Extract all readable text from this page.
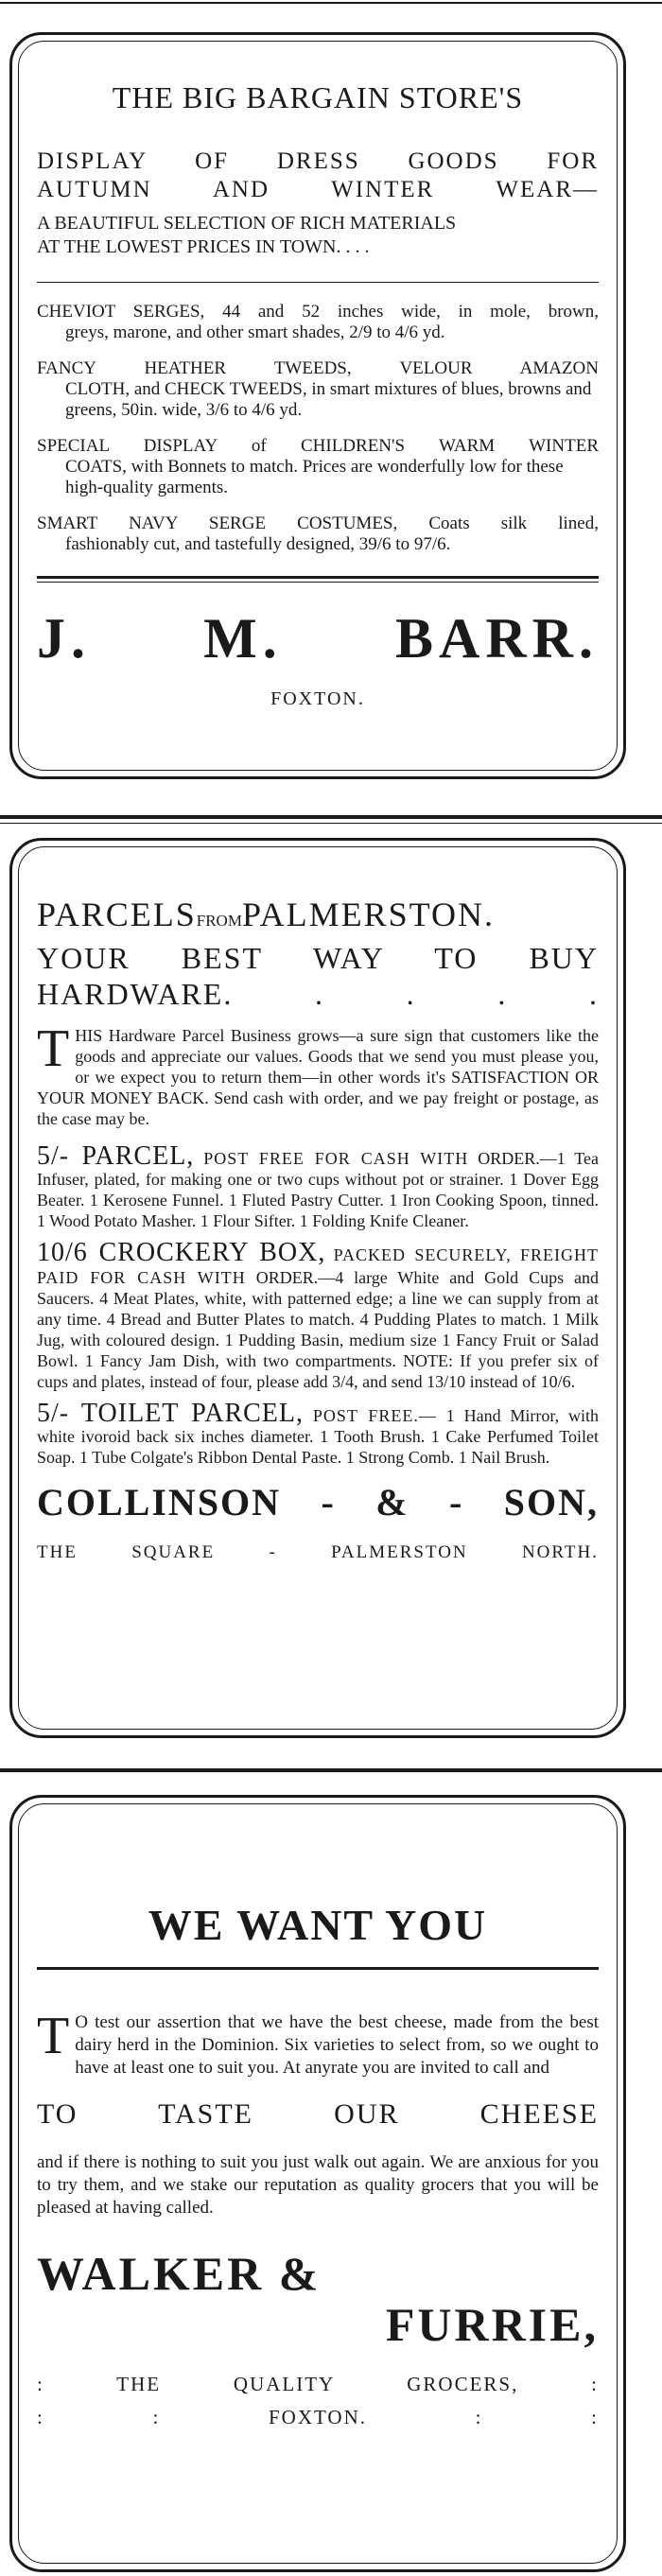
THE BIG BARGAIN STORE'S

DISPLAY OF DRESS GOODS FOR
AUTUMN AND WINTER WEAR—

A BEAUTIFUL SELECTION OF RICH MATERIALS
AT THE LOWEST PRICES IN TOWN. . . .

CHEVIOT SERGES, 44 and 52 inches wide, in mole, brown,
greys, marone, and other smart shades, 2/9 to 4/6 yd.
FANCY HEATHER TWEEDS, VELOUR AMAZON
CLOTH, and CHECK TWEEDS, in smart mixtures of blues, browns and greens, 50in. wide, 3/6 to 4/6 yd.
SPECIAL DISPLAY of CHILDREN'S WARM WINTER
COATS, with Bonnets to match. Prices are wonderfully low for these high-quality garments.
SMART NAVY SERGE COSTUMES, Coats silk lined,
fashionably cut, and tastefully designed, 39/6 to 97/6.

J. M. BARR.

FOXTON.

PARCELSFROMPALMERSTON.

YOUR BEST WAY TO BUY
HARDWARE. . . . .

THIS Hardware Parcel Business grows—a sure sign that customers like the goods and appreciate our values. Goods that we send you must please you, or we expect you to return them—in other words it's SATISFACTION OR YOUR MONEY BACK. Send cash with order, and we pay freight or postage, as the case may be.

5/- PARCEL, POST FREE FOR CASH WITH ORDER.—1 Tea Infuser, plated, for making one or two cups without pot or strainer. 1 Dover Egg Beater. 1 Kerosene Funnel. 1 Fluted Pastry Cutter. 1 Iron Cooking Spoon, tinned. 1 Wood Potato Masher. 1 Flour Sifter. 1 Folding Knife Cleaner.

10/6 CROCKERY BOX, PACKED SECURELY, FREIGHT PAID FOR CASH WITH ORDER.—4 large White and Gold Cups and Saucers. 4 Meat Plates, white, with patterned edge; a line we can supply from at any time. 4 Bread and Butter Plates to match. 4 Pudding Plates to match. 1 Milk Jug, with coloured design. 1 Pudding Basin, medium size 1 Fancy Fruit or Salad Bowl. 1 Fancy Jam Dish, with two compartments. NOTE: If you prefer six of cups and plates, instead of four, please add 3/4, and send 13/10 instead of 10/6.

5/- TOILET PARCEL, POST FREE.— 1 Hand Mirror, with white ivoroid back six inches diameter. 1 Tooth Brush. 1 Cake Perfumed Toilet Soap. 1 Tube Colgate's Ribbon Dental Paste. 1 Strong Comb. 1 Nail Brush.

COLLINSON - & - SON,

THE SQUARE - PALMERSTON NORTH.

WE WANT YOU

T O test our assertion that we have the best cheese, made from the best dairy herd in the Dominion. Six varieties to select from, so we ought to have at least one to suit you. At anyrate you are invited to call and

TO TASTE OUR CHEESE

and if there is nothing to suit you just walk out again. We are anxious for you to try them, and we stake our reputation as quality grocers that you will be pleased at having called.

WALKER &

FURRIE,

: THE QUALITY GROCERS, :

: : FOXTON. : :
